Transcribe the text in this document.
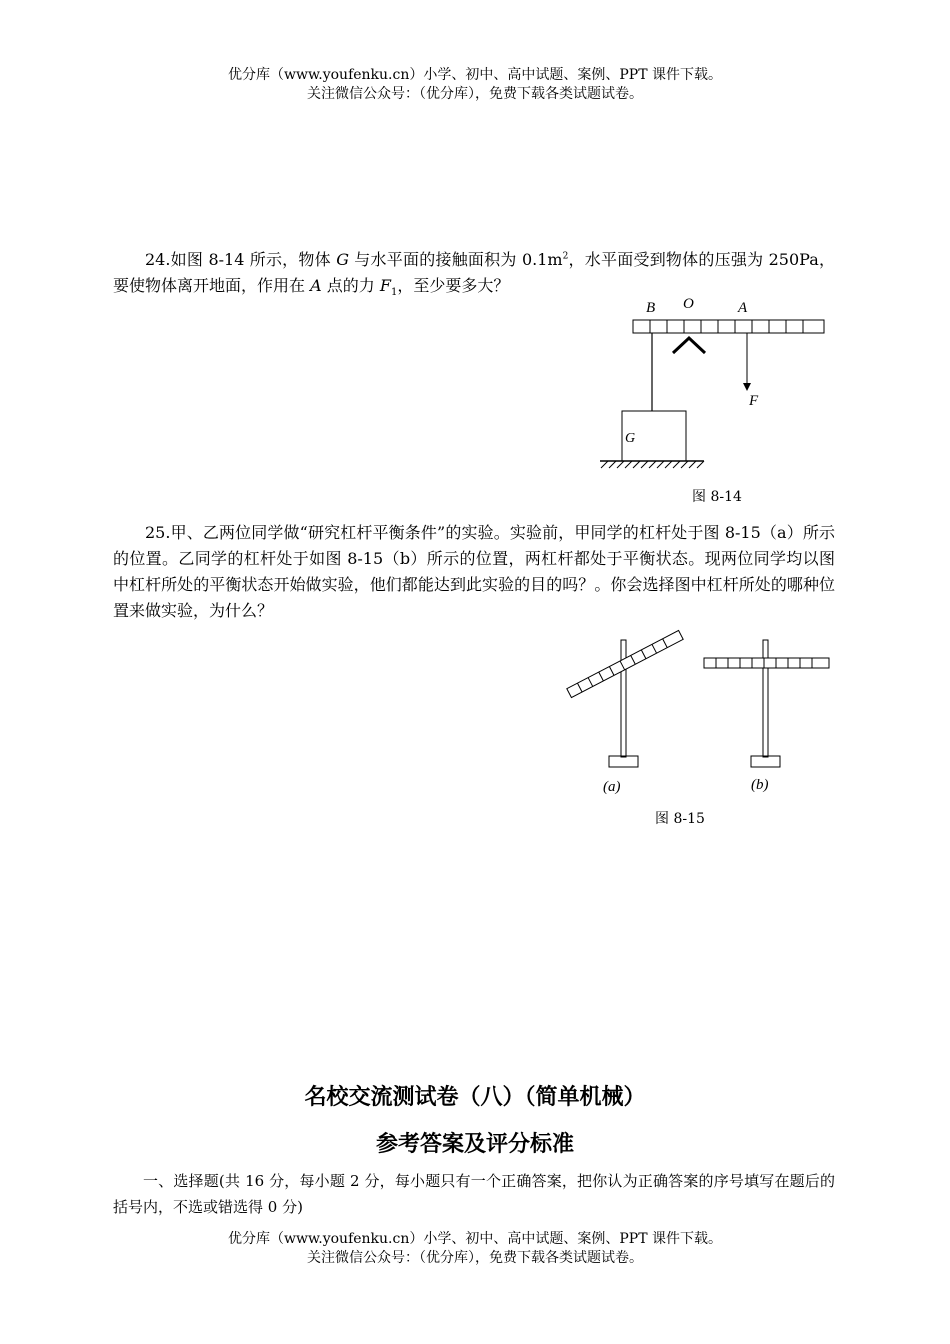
优分库（www.youfenku.cn）小学、初中、高中试题、案例、PPT 课件下载。
关注微信公众号：（优分库），免费下载各类试题试卷。
24.如图 8-14 所示，物体 G 与水平面的接触面积为 $0.1m^2$，水平面受到物体的压强为 250Pa，要使物体离开地面，作用在 A 点的力 $F_1$，至少要多大？
B O	A
F
G
图 8-14
25.甲、乙两位同学做“研究杠杆平衡条件”的实验。实验前，甲同学的杠杆处于图 8-15（a）所示的位置。乙同学的杠杆处于如图 8-15（b）所示的位置，两杠杆都处于平衡状态。现两位同学均以图中杠杆所处的平衡状态开始做实验，他们都能达到此实验的目的吗？。你会选择图中杠杆所处的哪种位置来做实验，为什么？
(a)	(b)
图 8-15
名校交流测试卷（八）（简单机械）
参考答案及评分标准
一、选择题(共 16 分，每小题 2 分，每小题只有一个正确答案，把你认为正确答案的序号填写在题后的括号内，不选或错选得 0 分)
优分库（www.youfenku.cn）小学、初中、高中试题、案例、PPT 课件下载。
关注微信公众号：（优分库），免费下载各类试题试卷。
